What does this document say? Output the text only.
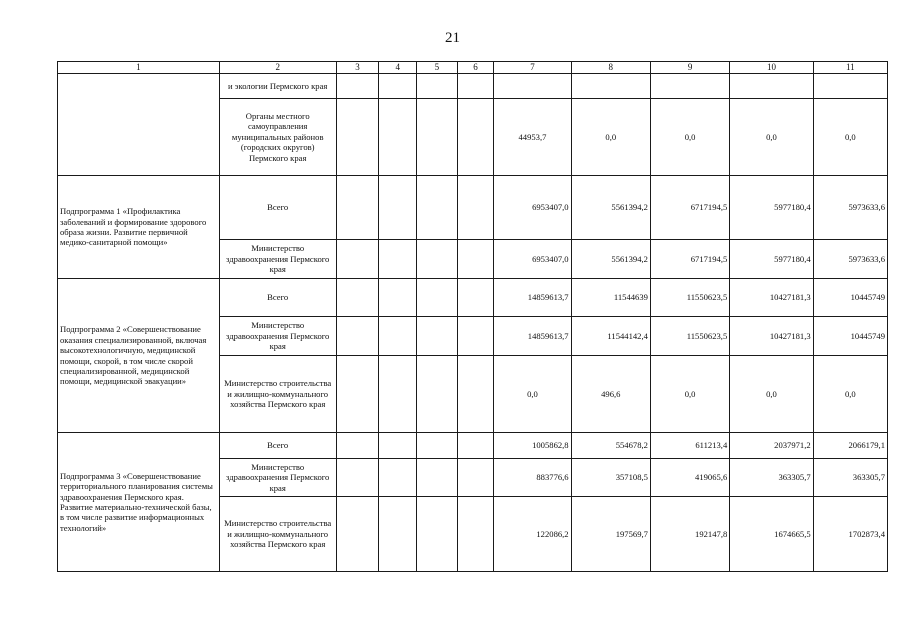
21
1	2	3	4	5	6	7	8	9	10	11
	и экологии Пермского края									
	Органы местного самоуправления муниципальных районов (городских округов) Пермского края					44953,7	0,0	0,0	0,0	0,0
Подпрограмма 1 «Профилактика заболеваний и формирование здорового образа жизни. Развитие первичной медико-санитарной помощи»	Всего					6953407,0	5561394,2	6717194,5	5977180,4	5973633,6
	Министерство здравоохранения Пермского края					6953407,0	5561394,2	6717194,5	5977180,4	5973633,6
Подпрограмма 2 «Совершенствование оказания специализированной, включая высокотехнологичную, медицинской помощи, скорой, в том числе скорой специализированной, медицинской помощи, медицинской эвакуации»	Всего					14859613,7	11544639	11550623,5	10427181,3	10445749
	Министерство здравоохранения Пермского края					14859613,7	11544142,4	11550623,5	10427181,3	10445749
	Министерство строительства и жилищно-коммунального хозяйства Пермского края					0,0	496,6	0,0	0,0	0,0
Подпрограмма 3 «Совершенствование территориального планирования системы здравоохранения Пермского края. Развитие материально-технической базы, в том числе развитие информационных технологий»	Всего					1005862,8	554678,2	611213,4	2037971,2	2066179,1
	Министерство здравоохранения Пермского края					883776,6	357108,5	419065,6	363305,7	363305,7
	Министерство строительства и жилищно-коммунального хозяйства Пермского края					122086,2	197569,7	192147,8	1674665,5	1702873,4
